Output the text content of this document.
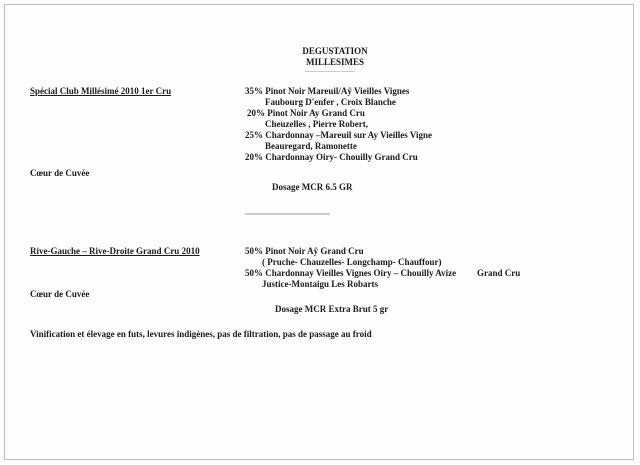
DEGUSTATION
MILLESIMES
Spécial Club Millésimé 2010 1er Cru	35% Pinot Noir Mareuil/Aÿ Vieilles Vignes
Faubourg D'enfer , Croix Blanche
20% Pinot Noir Ay Grand Cru
Cheuzelles , Pierre Robert,
25% Chardonnay –Mareuil sur Ay Vieilles Vigne
Beauregard, Ramonette
20% Chardonnay Oiry- Chouilly Grand Cru
Cœur de Cuvée
Dosage MCR 6.5 GR
Rive-Gauche – Rive-Droite Grand Cru 2010	50% Pinot Noir Aÿ Grand Cru
( Pruche- Chauzelles- Longchamp- Chauffour)
50% Chardonnay Vieilles Vignes Oiry – Chouilly Avize Grand Cru
Justice-Montaigu Les Robarts
Cœur de Cuvée
Dosage MCR Extra Brut 5 gr
Vinification et élevage en futs, levures indigènes, pas de filtration, pas de passage au froid
